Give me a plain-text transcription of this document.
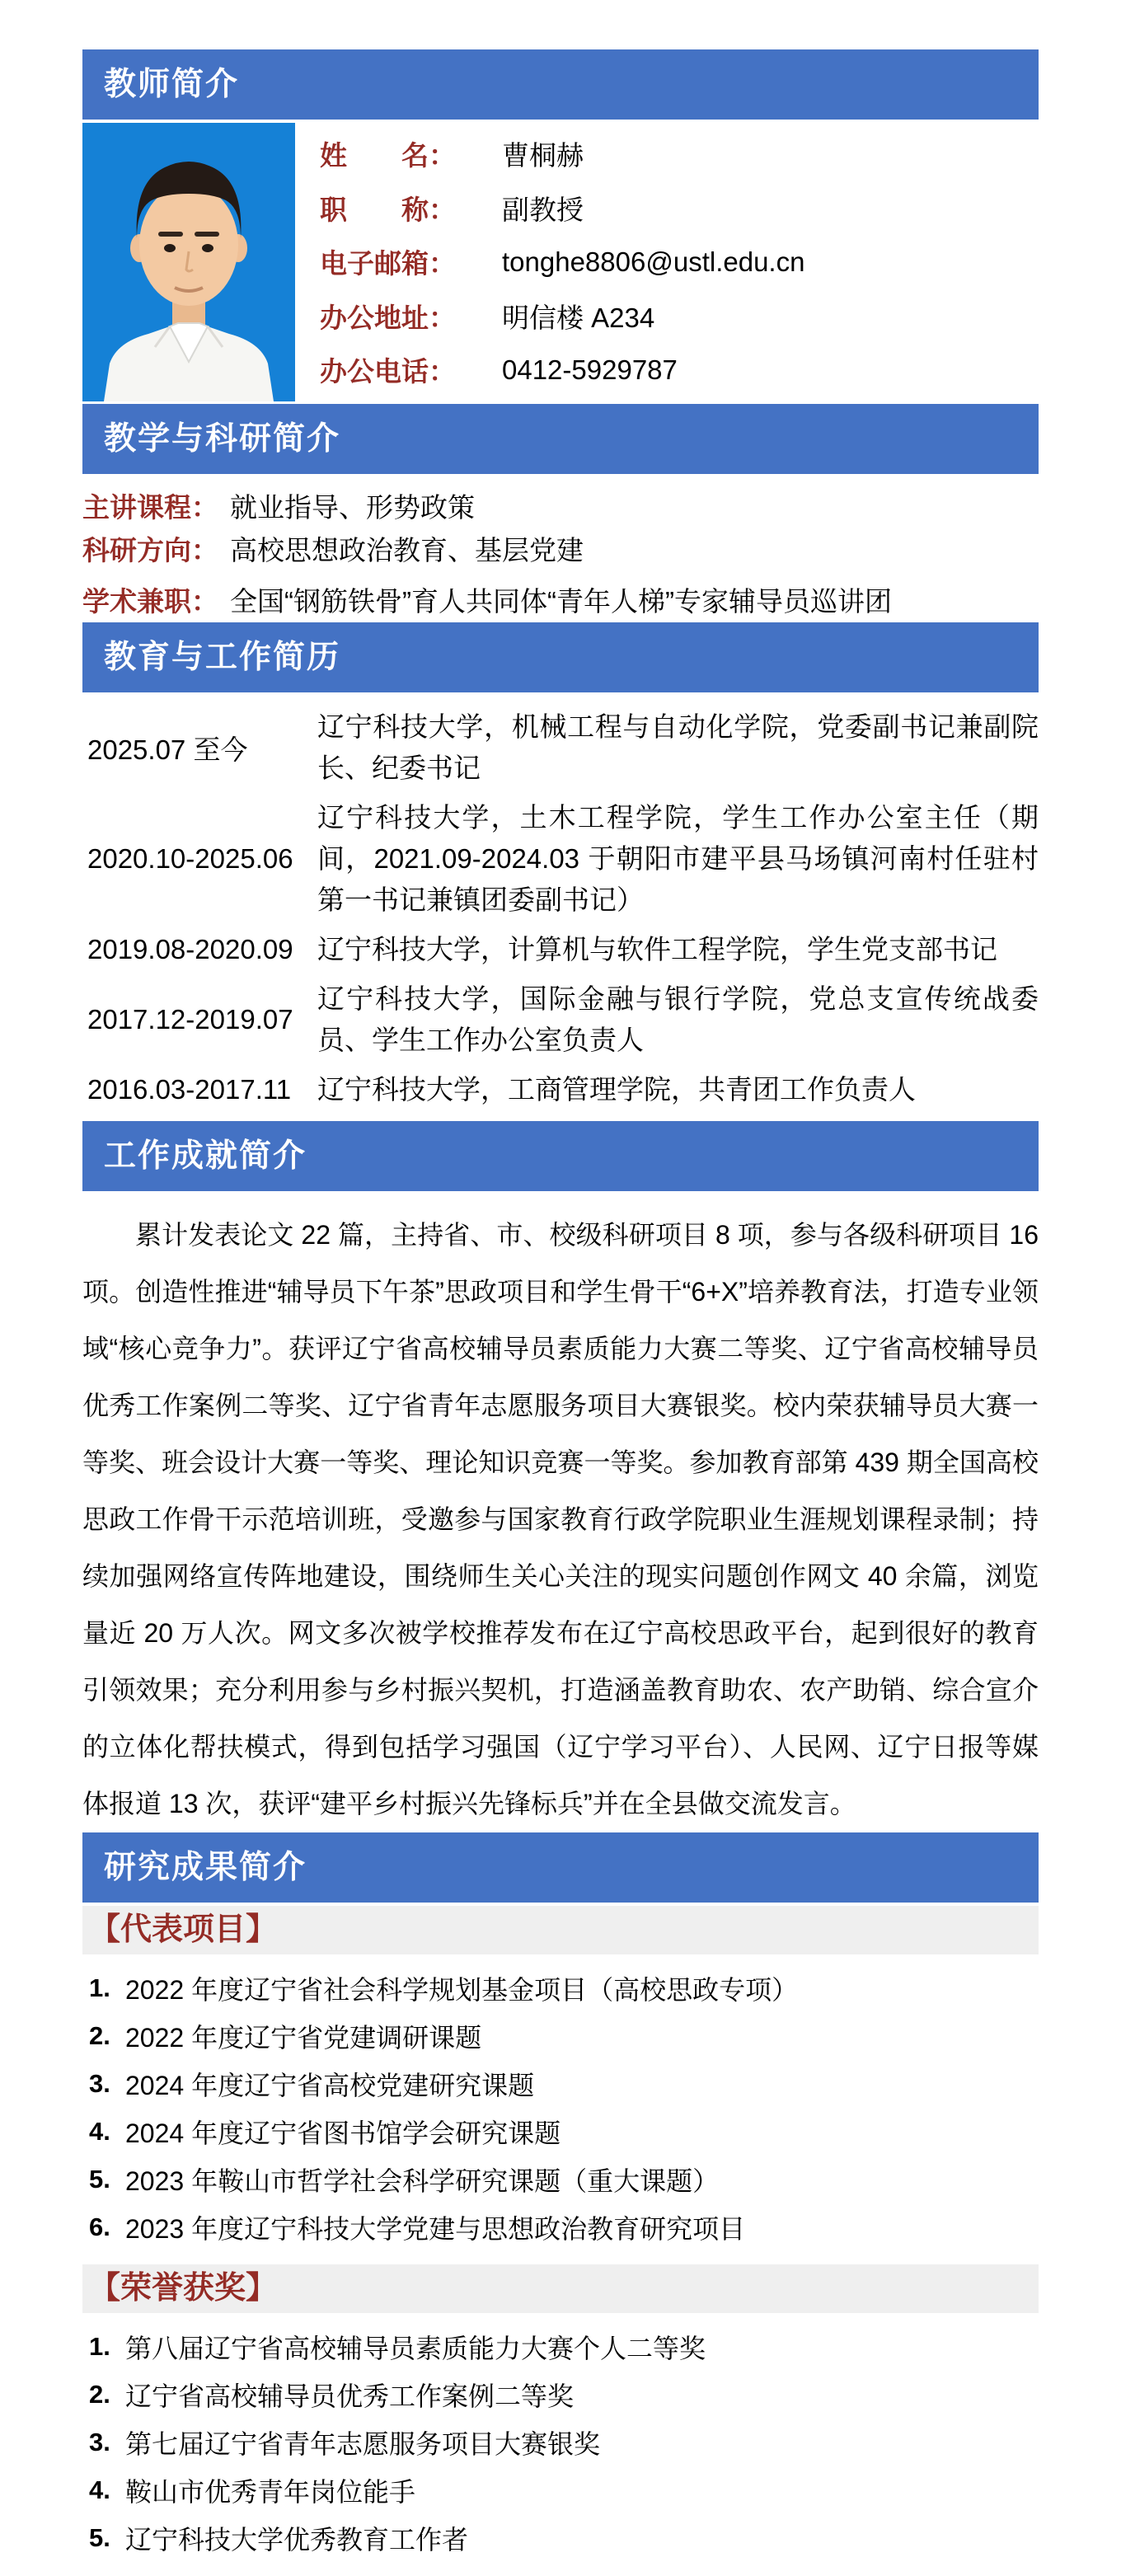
教师简介
姓名 ： 曹桐赫
职称 ： 副教授
电子邮箱 ： tonghe8806@ustl.edu.cn
办公地址 ： 明信楼 A234
办公电话 ： 0412-5929787
教学与科研简介
主讲课程 ： 就业指导、形势政策
科研方向 ： 高校思想政治教育、基层党建
学术兼职 ： 全国“钢筋铁骨”育人共同体“青年人梯”专家辅导员巡讲团
教育与工作简历
2025.07 至今
辽宁科技大学，机械工程与自动化学院，党委副书记兼副院长、纪委书记
2020.10-2025.06
辽宁科技大学，土木工程学院，学生工作办公室主任（期间，2021.09-2024.03 于朝阳市建平县马场镇河南村任驻村第一书记兼镇团委副书记）
2019.08-2020.09 辽宁科技大学，计算机与软件工程学院，学生党支部书记
2017.12-2019.07
辽宁科技大学，国际金融与银行学院，党总支宣传统战委员、学生工作办公室负责人
2016.03-2017.11 辽宁科技大学，工商管理学院，共青团工作负责人
工作成就简介
累计发表论文 22 篇，主持省、市、校级科研项目 8 项，参与各级科研项目 16 项。创造性推进“辅导员下午茶”思政项目和学生骨干“6+X”培养教育法，打造专业领域“核心竞争力”。获评辽宁省高校辅导员素质能力大赛二等奖、辽宁省高校辅导员优秀工作案例二等奖、辽宁省青年志愿服务项目大赛银奖。校内荣获辅导员大赛一等奖、班会设计大赛一等奖、理论知识竞赛一等奖。参加教育部第 439 期全国高校思政工作骨干示范培训班，受邀参与国家教育行政学院职业生涯规划课程录制；持续加强网络宣传阵地建设，围绕师生关心关注的现实问题创作网文 40 余篇，浏览量近 20 万人次。网文多次被学校推荐发布在辽宁高校思政平台，起到很好的教育引领效果；充分利用参与乡村振兴契机，打造涵盖教育助农、农产助销、综合宣介的立体化帮扶模式，得到包括学习强国（辽宁学习平台）、人民网、辽宁日报等媒体报道 13 次，获评“建平乡村振兴先锋标兵”并在全县做交流发言。
研究成果简介
【代表项目】
1. 2022 年度辽宁省社会科学规划基金项目（高校思政专项）
2. 2022 年度辽宁省党建调研课题
3. 2024 年度辽宁省高校党建研究课题
4. 2024 年度辽宁省图书馆学会研究课题
5. 2023 年鞍山市哲学社会科学研究课题（重大课题）
6. 2023 年度辽宁科技大学党建与思想政治教育研究项目
【荣誉获奖】
1. 第八届辽宁省高校辅导员素质能力大赛个人二等奖
2. 辽宁省高校辅导员优秀工作案例二等奖
3. 第七届辽宁省青年志愿服务项目大赛银奖
4. 鞍山市优秀青年岗位能手
5. 辽宁科技大学优秀教育工作者
